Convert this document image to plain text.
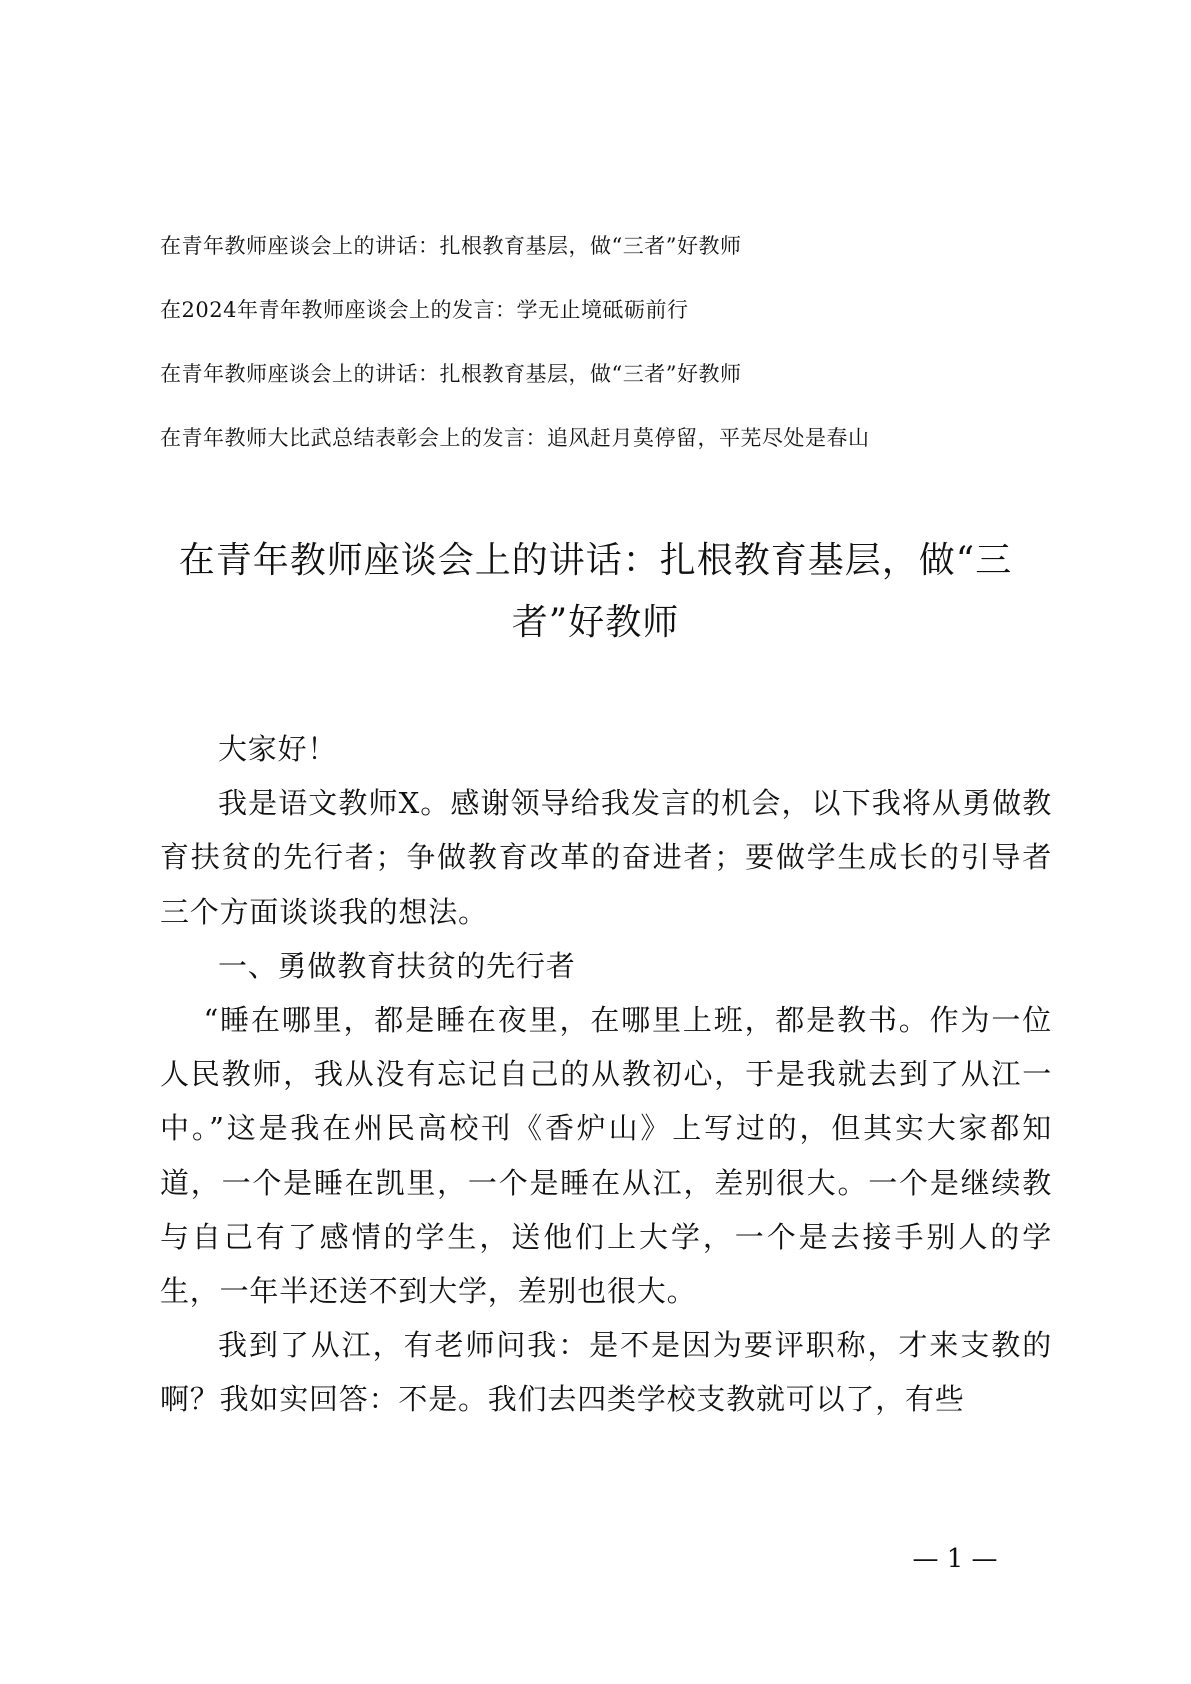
在青年教师座谈会上的讲话：扎根教育基层，做“三者”好教师
在2024年青年教师座谈会上的发言：学无止境砥砺前行
在青年教师座谈会上的讲话：扎根教育基层，做“三者”好教师
在青年教师大比武总结表彰会上的发言：追风赶月莫停留，平芜尽处是春山
在青年教师座谈会上的讲话：扎根教育基层，做“三者”好教师

大家好！

我是语文教师X。感谢领导给我发言的机会，以下我将从勇做教育扶贫的先行者；争做教育改革的奋进者；要做学生成长的引导者三个方面谈谈我的想法。

一、勇做教育扶贫的先行者

“睡在哪里，都是睡在夜里，在哪里上班，都是教书。作为一位人民教师，我从没有忘记自己的从教初心，于是我就去到了从江一中。”这是我在州民高校刊《香炉山》上写过的，但其实大家都知道，一个是睡在凯里，一个是睡在从江，差别很大。一个是继续教与自己有了感情的学生，送他们上大学，一个是去接手别人的学生，一年半还送不到大学，差别也很大。

我到了从江，有老师问我：是不是因为要评职称，才来支教的啊？我如实回答：不是。我们去四类学校支教就可以了，有些

— 1 —
